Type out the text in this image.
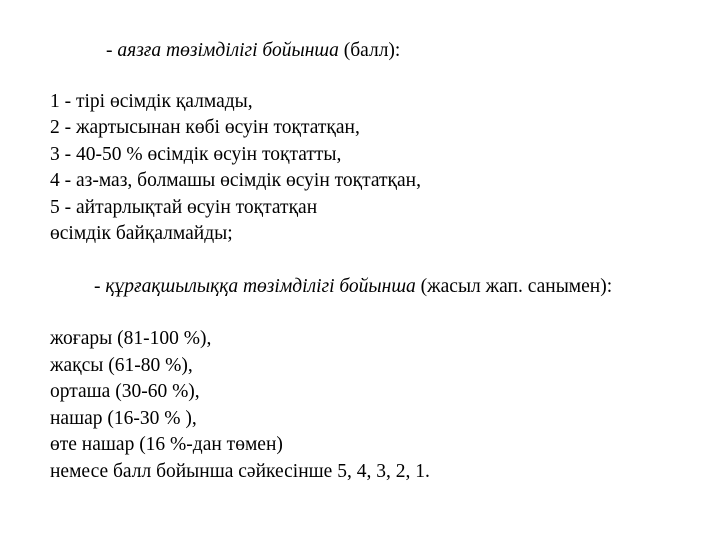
- аязға төзімділігі бойынша (балл):
1 - тірі өсімдік қалмады,
2 - жартысынан көбі өсуін тоқтатқан,
3 - 40-50 % өсімдік өсуін тоқтатты,
4 - аз-маз, болмашы өсімдік өсуін тоқтатқан,
5 - айтарлықтай өсуін тоқтатқан
өсімдік байқалмайды;
- құрғақшылыққа төзімділігі бойынша (жасыл жап. санымен):
жоғары (81-100 %),
жақсы (61-80 %),
орташа (30-60 %),
нашар (16-30 % ),
өте нашар (16 %-дан төмен)
немесе балл бойынша сәйкесінше 5, 4, 3, 2, 1.
